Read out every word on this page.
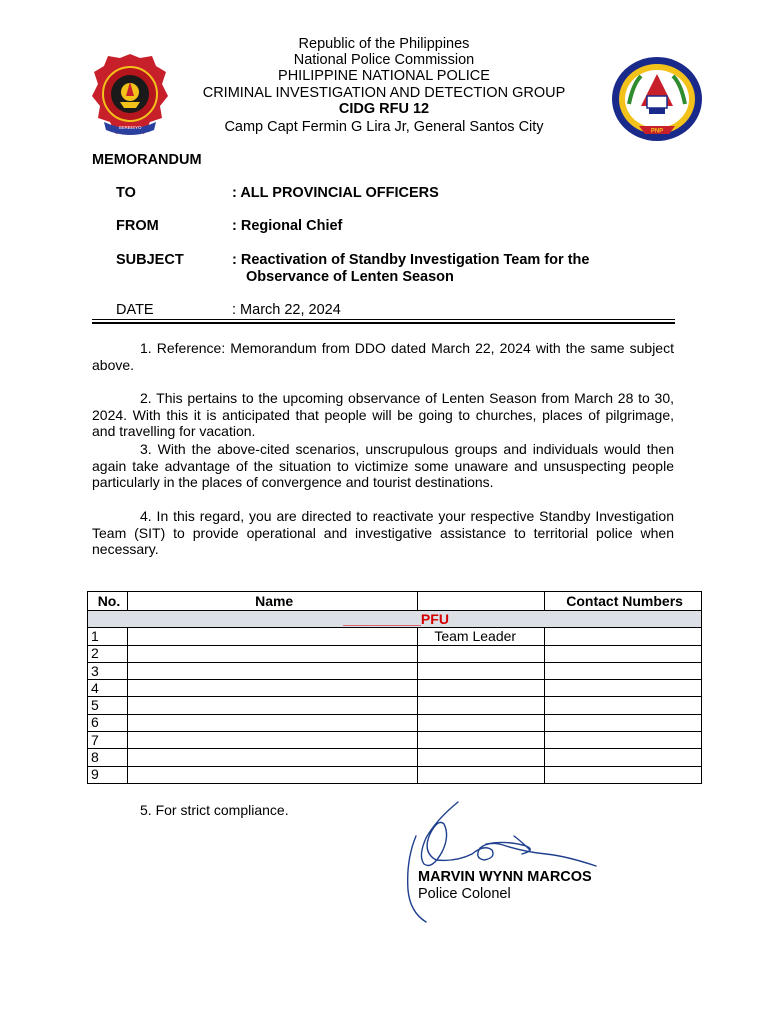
SERBISYO
PNP
Republic of the Philippines
National Police Commission
PHILIPPINE NATIONAL POLICE
CRIMINAL INVESTIGATION AND DETECTION GROUP
CIDG RFU 12
Camp Capt Fermin G Lira Jr, General Santos City
MEMORANDUM
TO	: ALL PROVINCIAL OFFICERS
FROM	: Regional Chief
SUBJECT	: Reactivation of Standby Investigation Team for the
Observance of Lenten Season
DATE	: March 22, 2024
1. Reference: Memorandum from DDO dated March 22, 2024 with the same subject above.
2. This pertains to the upcoming observance of Lenten Season from March 28 to 30, 2024. With this it is anticipated that people will be going to churches, places of pilgrimage, and travelling for vacation.
3. With the above-cited scenarios, unscrupulous groups and individuals would then again take advantage of the situation to victimize some unaware and unsuspecting people particularly in the places of convergence and tourist destinations.
4. In this regard, you are directed to reactivate your respective Standby Investigation Team (SIT) to provide operational and investigative assistance to territorial police when necessary.
No.	Name		Contact Numbers
__________PFU			
1		Team Leader	
2			
3			
4			
5			
6			
7			
8			
9			
5. For strict compliance.
MARVIN WYNN MARCOS
Police Colonel
